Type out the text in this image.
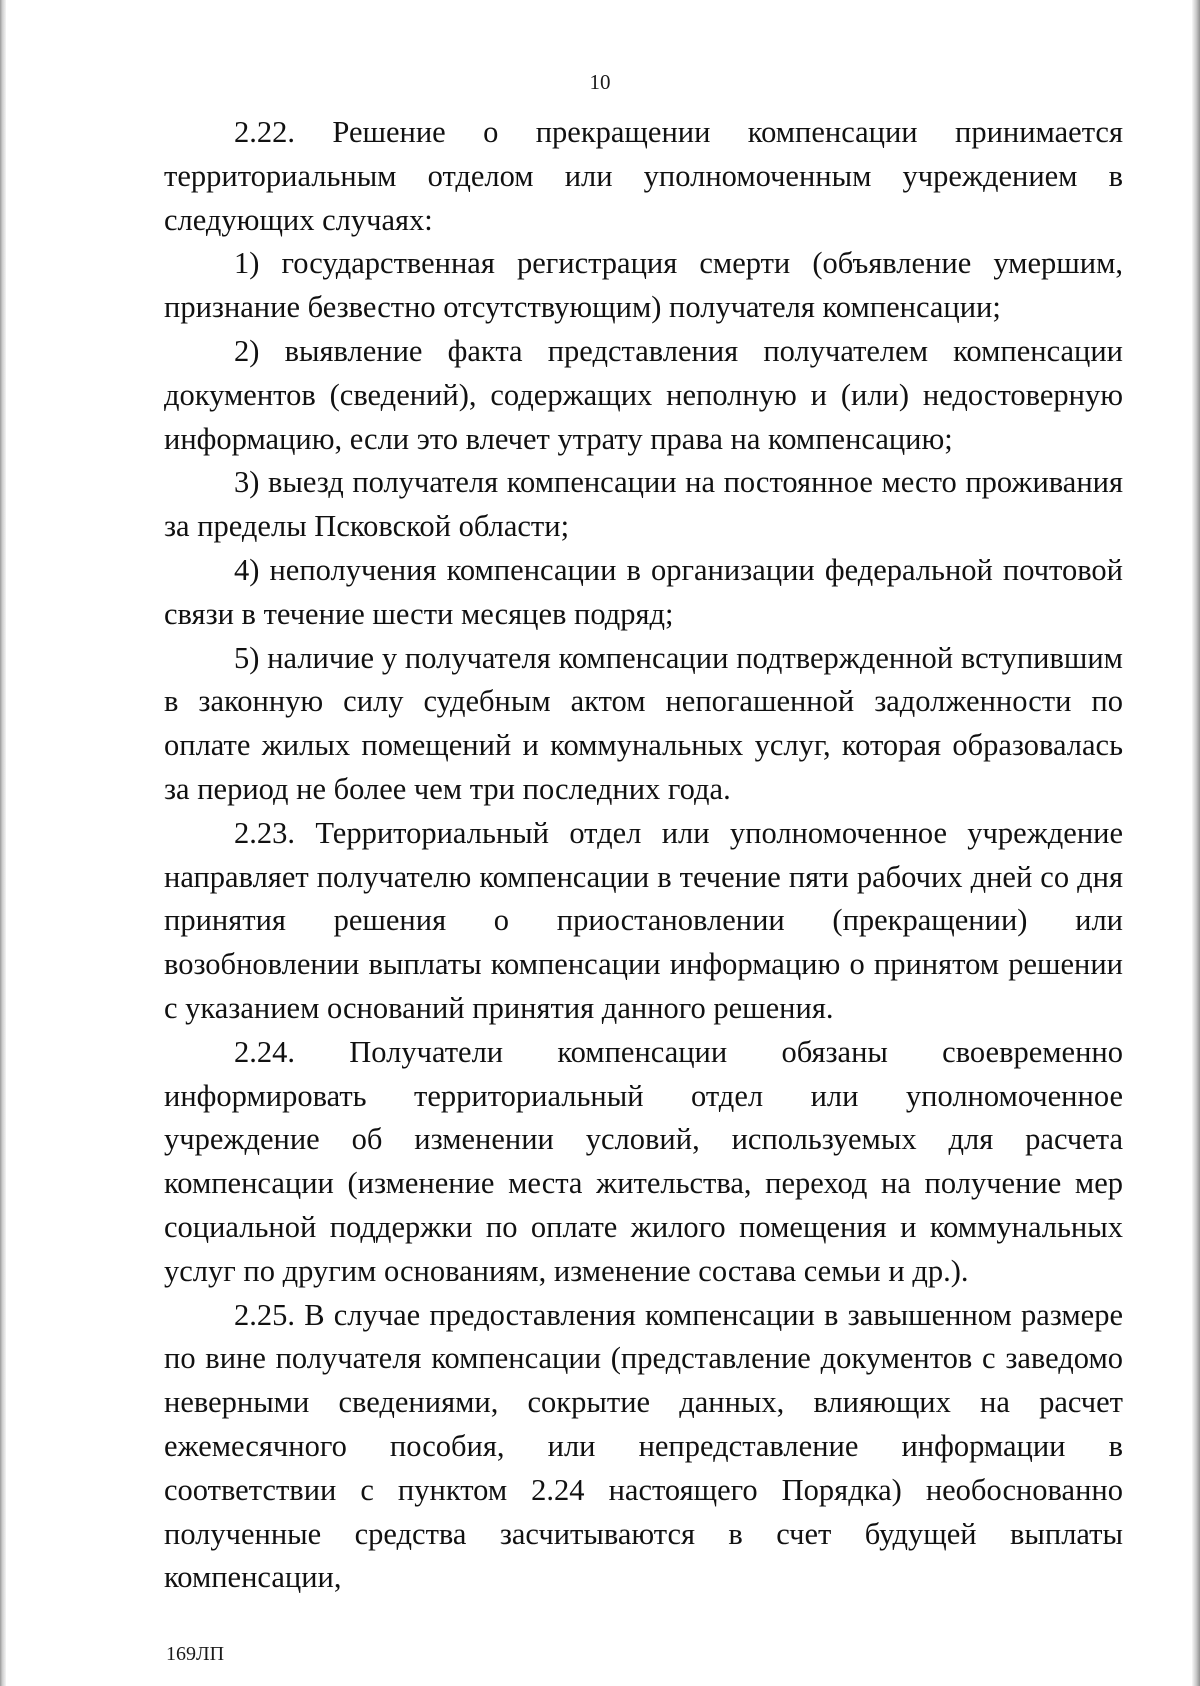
10

2.22. Решение о прекращении компенсации принимается территориальным отделом или уполномоченным учреждением в следующих случаях:

1) государственная регистрация смерти (объявление умершим, признание безвестно отсутствующим) получателя компенсации;

2) выявление факта представления получателем компенсации документов (сведений), содержащих неполную и (или) недостоверную информацию, если это влечет утрату права на компенсацию;

3) выезд получателя компенсации на постоянное место проживания за пределы Псковской области;

4) неполучения компенсации в организации федеральной почтовой связи в течение шести месяцев подряд;

5) наличие у получателя компенсации подтвержденной вступившим в законную силу судебным актом непогашенной задолженности по оплате жилых помещений и коммунальных услуг, которая образовалась за период не более чем три последних года.

2.23. Территориальный отдел или уполномоченное учреждение направляет получателю компенсации в течение пяти рабочих дней со дня принятия решения о приостановлении (прекращении) или возобновлении выплаты компенсации информацию о принятом решении с указанием оснований принятия данного решения.

2.24. Получатели компенсации обязаны своевременно информировать территориальный отдел или уполномоченное учреждение об изменении условий, используемых для расчета компенсации (изменение места жительства, переход на получение мер социальной поддержки по оплате жилого помещения и коммунальных услуг по другим основаниям, изменение состава семьи и др.).

2.25. В случае предоставления компенсации в завышенном размере по вине получателя компенсации (представление документов с заведомо неверными сведениями, сокрытие данных, влияющих на расчет ежемесячного пособия, или непредставление информации в соответствии с пунктом 2.24 настоящего Порядка) необоснованно полученные средства засчитываются в счет будущей выплаты компенсации,

169ЛП
